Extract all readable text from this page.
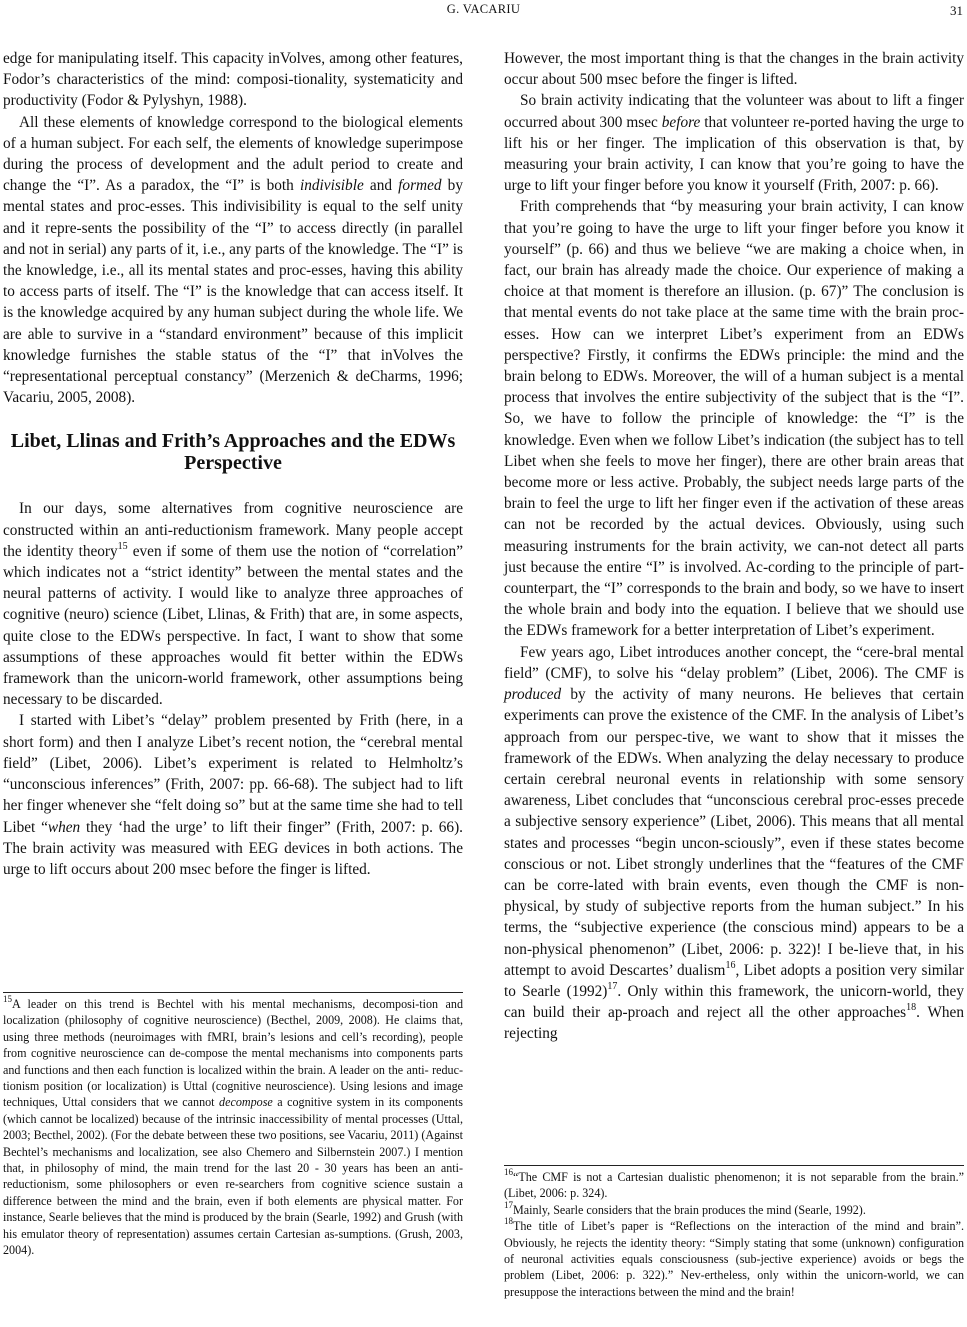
G. VACARIU	31

edge for manipulating itself. This capacity inVolves, among other features, Fodor’s characteristics of the mind: composi-tionality, systematicity and productivity (Fodor & Pylyshyn, 1988).

All these elements of knowledge correspond to the biological elements of a human subject. For each self, the elements of knowledge superimpose during the process of development and the adult period to create and change the “I”. As a paradox, the “I” is both indivisible and formed by mental states and proc-esses. This indivisibility is equal to the self unity and it repre-sents the possibility of the “I” to access directly (in parallel and not in serial) any parts of it, i.e., any parts of the knowledge. The “I” is the knowledge, i.e., all its mental states and proc-esses, having this ability to access parts of itself. The “I” is the knowledge that can access itself. It is the knowledge acquired by any human subject during the whole life. We are able to survive in a “standard environment” because of this implicit knowledge furnishes the stable status of the “I” that inVolves the “representational perceptual constancy” (Merzenich & deCharms, 1996; Vacariu, 2005, 2008).

Libet, Llinas and Frith’s Approaches and the EDWs Perspective

In our days, some alternatives from cognitive neuroscience are constructed within an anti-reductionism framework. Many people accept the identity theory$^{15}$ even if some of them use the notion of “correlation” which indicates not a “strict identity” between the mental states and the neural patterns of activity. I would like to analyze three approaches of cognitive (neuro) science (Libet, Llinas, & Frith) that are, in some aspects, quite close to the EDWs perspective. In fact, I want to show that some assumptions of these approaches would fit better within the EDWs framework than the unicorn-world framework, other assumptions being necessary to be discarded.

I started with Libet’s “delay” problem presented by Frith (here, in a short form) and then I analyze Libet’s recent notion, the “cerebral mental field” (Libet, 2006). Libet’s experiment is related to Helmholtz’s “unconscious inferences” (Frith, 2007: pp. 66-68). The subject had to lift her finger whenever she “felt doing so” but at the same time she had to tell Libet “when they ‘had the urge’ to lift their finger” (Frith, 2007: p. 66). The brain activity was measured with EEG devices in both actions. The urge to lift occurs about 200 msec before the finger is lifted.

$^{15}$A leader on this trend is Bechtel with his mental mechanisms, decomposi-tion and localization (philosophy of cognitive neuroscience) (Becthel, 2009, 2008). He claims that, using three methods (neuroimages with fMRI, brain’s lesions and cell’s recording), people from cognitive neuroscience can de-compose the mental mechanisms into components parts and functions and then each function is localized within the brain. A leader on the anti- reduc-tionism position (or localization) is Uttal (cognitive neuroscience). Using lesions and image techniques, Uttal considers that we cannot decompose a cognitive system in its components (which cannot be localized) because of the intrinsic inaccessibility of mental processes (Uttal, 2003; Becthel, 2002). (For the debate between these two positions, see Vacariu, 2011) (Against Bechtel’s mechanisms and localization, see also Chemero and Silbernstein 2007.) I mention that, in philosophy of mind, the main trend for the last 20 - 30 years has been an anti-reductionism, some philosophers or even re-searchers from cognitive science sustain a difference between the mind and the brain, even if both elements are physical matter. For instance, Searle believes that the mind is produced by the brain (Searle, 1992) and Grush (with his emulator theory of representation) assumes certain Cartesian as-sumptions. (Grush, 2003, 2004).

However, the most important thing is that the changes in the brain activity occur about 500 msec before the finger is lifted.

So brain activity indicating that the volunteer was about to lift a finger occurred about 300 msec before that volunteer re-ported having the urge to lift his or her finger. The implication of this observation is that, by measuring your brain activity, I can know that you’re going to have the urge to lift your finger before you know it yourself (Frith, 2007: p. 66).

Frith comprehends that “by measuring your brain activity, I can know that you’re going to have the urge to lift your finger before you know it yourself” (p. 66) and thus we believe “we are making a choice when, in fact, our brain has already made the choice. Our experience of making a choice at that moment is therefore an illusion. (p. 67)” The conclusion is that mental events do not take place at the same time with the brain proc-esses. How can we interpret Libet’s experiment from an EDWs perspective? Firstly, it confirms the EDWs principle: the mind and the brain belong to EDWs. Moreover, the will of a human subject is a mental process that involves the entire subjectivity of the subject that is the “I”. So, we have to follow the principle of knowledge: the “I” is the knowledge. Even when we follow Libet’s indication (the subject has to tell Libet when she feels to move her finger), there are other brain areas that become more or less active. Probably, the subject needs large parts of the brain to feel the urge to lift her finger even if the activation of these areas can not be recorded by the actual devices. Obviously, using such measuring instruments for the brain activity, we can-not detect all parts just because the entire “I” is involved. Ac-cording to the principle of part-counterpart, the “I” corresponds to the brain and body, so we have to insert the whole brain and body into the equation. I believe that we should use the EDWs framework for a better interpretation of Libet’s experiment.

Few years ago, Libet introduces another concept, the “cere-bral mental field” (CMF), to solve his “delay problem” (Libet, 2006). The CMF is produced by the activity of many neurons. He believes that certain experiments can prove the existence of the CMF. In the analysis of Libet’s approach from our perspec-tive, we want to show that it misses the framework of the EDWs. When analyzing the delay necessary to produce certain cerebral neuronal events in relationship with some sensory awareness, Libet concludes that “unconscious cerebral proc-esses precede a subjective sensory experience” (Libet, 2006). This means that all mental states and processes “begin uncon-sciously”, even if these states become conscious or not. Libet strongly underlines that the “features of the CMF can be corre-lated with brain events, even though the CMF is non-physical, by study of subjective reports from the human subject.” In his terms, the “subjective experience (the conscious mind) appears to be a non-physical phenomenon” (Libet, 2006: p. 322)! I be-lieve that, in his attempt to avoid Descartes’ dualism$^{16}$, Libet adopts a position very similar to Searle $(1992)^{17}$. Only within this framework, the unicorn-world, they can build their ap-proach and reject all the other approaches$^{18}$. When rejecting

$^{16}$“The CMF is not a Cartesian dualistic phenomenon; it is not separable from the brain.” (Libet, 2006: p. 324).

$^{17}$Mainly, Searle considers that the brain produces the mind (Searle, 1992).

$^{18}$The title of Libet’s paper is “Reflections on the interaction of the mind and brain”. Obviously, he rejects the identity theory: “Simply stating that some (unknown) configuration of neuronal activities equals consciousness (sub-jective experience) avoids or begs the problem (Libet, 2006: p. 322).” Nev-ertheless, only within the unicorn-world, we can presuppose the interactions between the mind and the brain!
